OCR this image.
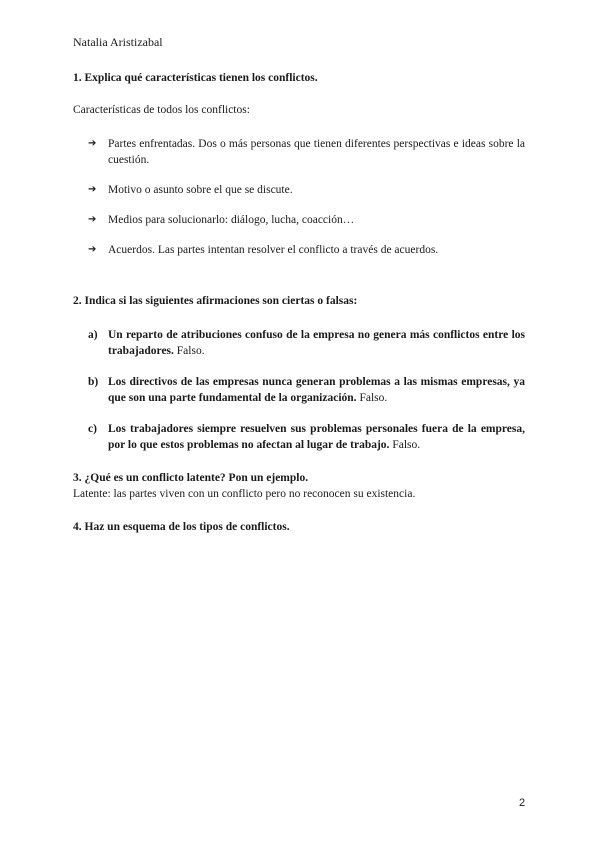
Natalia Aristizabal
1. Explica qué características tienen los conflictos.
Características de todos los conflictos:
➔ Partes enfrentadas. Dos o más personas que tienen diferentes perspectivas e ideas sobre la cuestión.
➔ Motivo o asunto sobre el que se discute.
➔ Medios para solucionarlo: diálogo, lucha, coacción…
➔ Acuerdos. Las partes intentan resolver el conflicto a través de acuerdos.
2. Indica si las siguientes afirmaciones son ciertas o falsas:
a) Un reparto de atribuciones confuso de la empresa no genera más conflictos entre los trabajadores. Falso.
b) Los directivos de las empresas nunca generan problemas a las mismas empresas, ya que son una parte fundamental de la organización. Falso.
c) Los trabajadores siempre resuelven sus problemas personales fuera de la empresa, por lo que estos problemas no afectan al lugar de trabajo. Falso.
3. ¿Qué es un conflicto latente? Pon un ejemplo.
Latente: las partes viven con un conflicto pero no reconocen su existencia.
4. Haz un esquema de los tipos de conflictos.
2
